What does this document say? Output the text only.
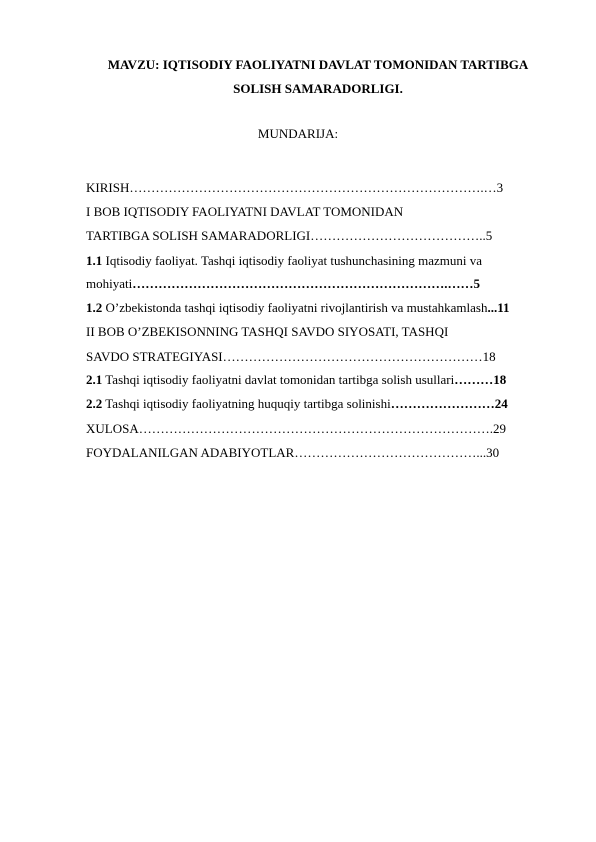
MAVZU: IQTISODIY FAOLIYATNI DAVLAT TOMONIDAN TARTIBGA
SOLISH SAMARADORLIGI.
MUNDARIJA:
KIRISH……………………………………………………………………….…3
I BOB IQTISODIY FAOLIYATNI DAVLAT TOMONIDAN
TARTIBGA SOLISH SAMARADORLIGI…………………………………..5
1.1 Iqtisodiy faoliyat. Tashqi iqtisodiy faoliyat tushunchasining mazmuni va
mohiyati……………………………………………………………….……5
1.2 O’zbekistonda tashqi iqtisodiy faoliyatni rivojlantirish va mustahkamlash...11
II BOB O’ZBEKISONNING TASHQI SAVDO SIYOSATI, TASHQI
SAVDO STRATEGIYASI……………………………………………………18
2.1 Tashqi iqtisodiy faoliyatni davlat tomonidan tartibga solish usullari………18
2.2 Tashqi iqtisodiy faoliyatning huquqiy tartibga solinishi……………………24
XULOSA……………………………………………………………………….29
FOYDALANILGAN ADABIYOTLAR……………………………………...30
